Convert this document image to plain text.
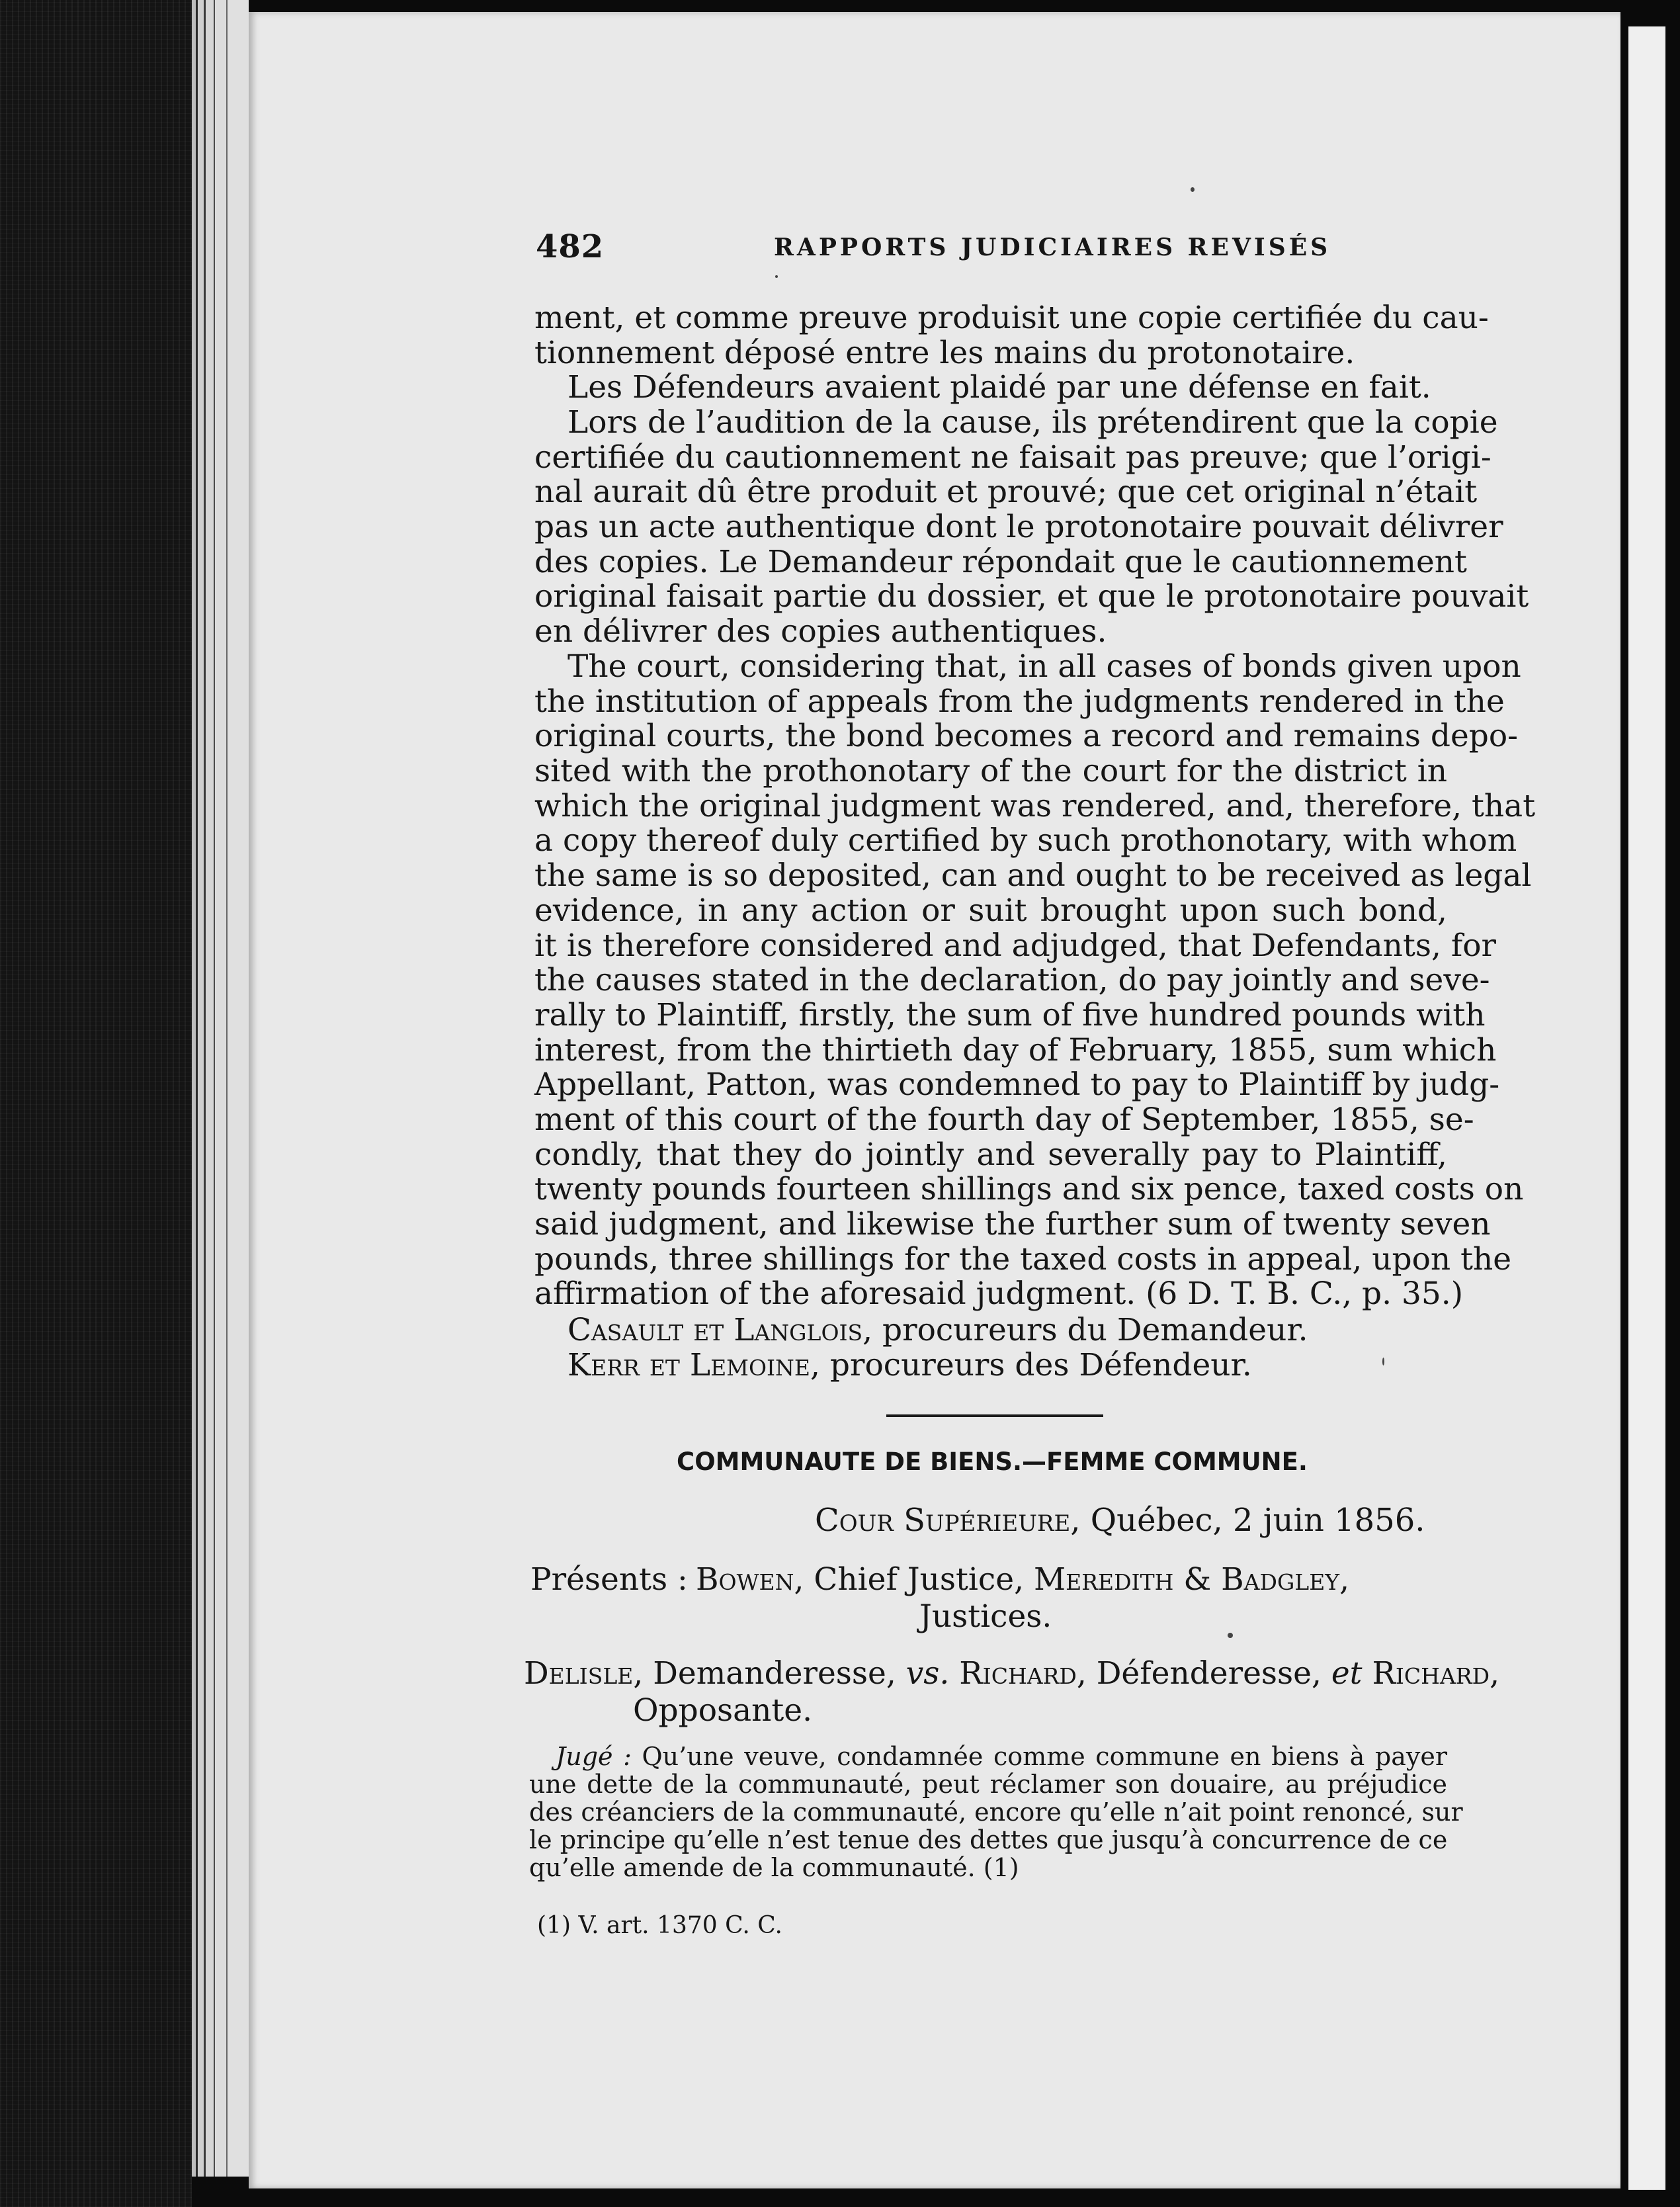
482	RAPPORTS JUDICIAIRES REVISÉS
ment, et comme preuve produisit une copie certifiée du cau-
tionnement déposé entre les mains du protonotaire.
Les Défendeurs avaient plaidé par une défense en fait.
Lors de l’audition de la cause, ils prétendirent que la copie
certifiée du cautionnement ne faisait pas preuve; que l’origi-
nal aurait dû être produit et prouvé; que cet original n’était
pas un acte authentique dont le protonotaire pouvait délivrer
des copies. Le Demandeur répondait que le cautionnement
original faisait partie du dossier, et que le protonotaire pouvait
en délivrer des copies authentiques.
The court, considering that, in all cases of bonds given upon
the institution of appeals from the judgments rendered in the
original courts, the bond becomes a record and remains depo-
sited with the prothonotary of the court for the district in
which the original judgment was rendered, and, therefore, that
a copy thereof duly certified by such prothonotary, with whom
the same is so deposited, can and ought to be received as legal
evidence, in any action or suit brought upon such bond,
it is therefore considered and adjudged, that Defendants, for
the causes stated in the declaration, do pay jointly and seve-
rally to Plaintiff, firstly, the sum of five hundred pounds with
interest, from the thirtieth day of February, 1855, sum which
Appellant, Patton, was condemned to pay to Plaintiff by judg-
ment of this court of the fourth day of September, 1855, se-
condly, that they do jointly and severally pay to Plaintiff,
twenty pounds fourteen shillings and six pence, taxed costs on
said judgment, and likewise the further sum of twenty seven
pounds, three shillings for the taxed costs in appeal, upon the
affirmation of the aforesaid judgment. (6 D. T. B. C., p. 35.)
Casault et Langlois, procureurs du Demandeur.
Kerr et Lemoine, procureurs des Défendeur.
COMMUNAUTE DE BIENS.—FEMME COMMUNE.
Cour Supérieure, Québec, 2 juin 1856.
Présents : Bowen, Chief Justice, Meredith & Badgley,
Justices.
Delisle, Demanderesse, vs. Richard, Défenderesse, et Richard,
Opposante.
Jugé : Qu’une veuve, condamnée comme commune en biens à payer
une dette de la communauté, peut réclamer son douaire, au préjudice
des créanciers de la communauté, encore qu’elle n’ait point renoncé, sur
le principe qu’elle n’est tenue des dettes que jusqu’à concurrence de ce
qu’elle amende de la communauté. (1)
(1) V. art. 1370 C. C.
